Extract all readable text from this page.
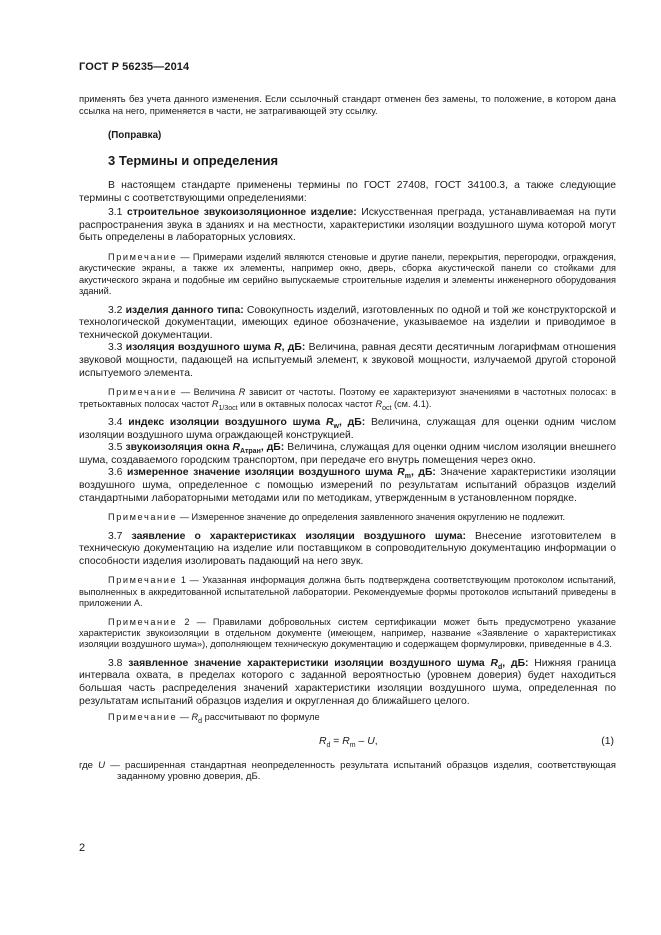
ГОСТ Р 56235—2014

применять без учета данного изменения. Если ссылочный стандарт отменен без замены, то положение, в котором дана ссылка на него, применяется в части, не затрагивающей эту ссылку.

(Поправка)
3 Термины и определения

В настоящем стандарте применены термины по ГОСТ 27408, ГОСТ 34100.3, а также следующие термины с соответствующими определениями:

3.1 строительное звукоизоляционное изделие: Искусственная преграда, устанавливаемая на пути распространения звука в зданиях и на местности, характеристики изоляции воздушного шума которой могут быть определены в лабораторных условиях.

Примечание — Примерами изделий являются стеновые и другие панели, перекрытия, перегородки, ограждения, акустические экраны, а также их элементы, например окно, дверь, сборка акустической панели со стойками для акустического экрана и подобные им серийно выпускаемые строительные изделия и элементы инженерного оборудования зданий.

3.2 изделия данного типа: Совокупность изделий, изготовленных по одной и той же конструкторской и технологической документации, имеющих единое обозначение, указываемое на изделии и приводимое в технической документации.

3.3 изоляция воздушного шума R, дБ: Величина, равная десяти десятичным логарифмам отношения звуковой мощности, падающей на испытуемый элемент, к звуковой мощности, излучаемой другой стороной испытуемого элемента.

Примечание — Величина R зависит от частоты. Поэтому ее характеризуют значениями в частотных полосах: в третьоктавных полосах частот $R_{1/3oct}$ или в октавных полосах частот $R_{oct}$ (см. 4.1).

3.4 индекс изоляции воздушного шума $R_w$, дБ: Величина, служащая для оценки одним числом изоляции воздушного шума ограждающей конструкцией.

3.5 звукоизоляция окна $R_{Атран}$, дБ: Величина, служащая для оценки одним числом изоляции внешнего шума, создаваемого городским транспортом, при передаче его внутрь помещения через окно.

3.6 измеренное значение изоляции воздушного шума $R_m$, дБ: Значение характеристики изоляции воздушного шума, определенное с помощью измерений по результатам испытаний образцов изделий стандартными лабораторными методами или по методикам, утвержденным в установленном порядке.

Примечание — Измеренное значение до определения заявленного значения округлению не подлежит.

3.7 заявление о характеристиках изоляции воздушного шума: Внесение изготовителем в техническую документацию на изделие или поставщиком в сопроводительную документацию информации о способности изделия изолировать падающий на него звук.

Примечание 1 — Указанная информация должна быть подтверждена соответствующим протоколом испытаний, выполненных в аккредитованной испытательной лаборатории. Рекомендуемые формы протоколов испытаний приведены в приложении А.

Примечание 2 — Правилами добровольных систем сертификации может быть предусмотрено указание характеристик звукоизоляции в отдельном документе (имеющем, например, название «Заявление о характеристиках изоляции воздушного шума»), дополняющем техническую документацию и содержащем формулировки, приведенные в 4.3.

3.8 заявленное значение характеристики изоляции воздушного шума $R_d$, дБ: Нижняя граница интервала охвата, в пределах которого с заданной вероятностью (уровнем доверия) будет находиться большая часть распределения значений характеристики изоляции воздушного шума, определенная по результатам испытаний образцов изделия и округленная до ближайшего целого.

Примечание — $R_d$ рассчитывают по формуле

$R_d = R_m - U$,	(1)

где U — расширенная стандартная неопределенность результата испытаний образцов изделия, соответствующая заданному уровню доверия, дБ.

2
